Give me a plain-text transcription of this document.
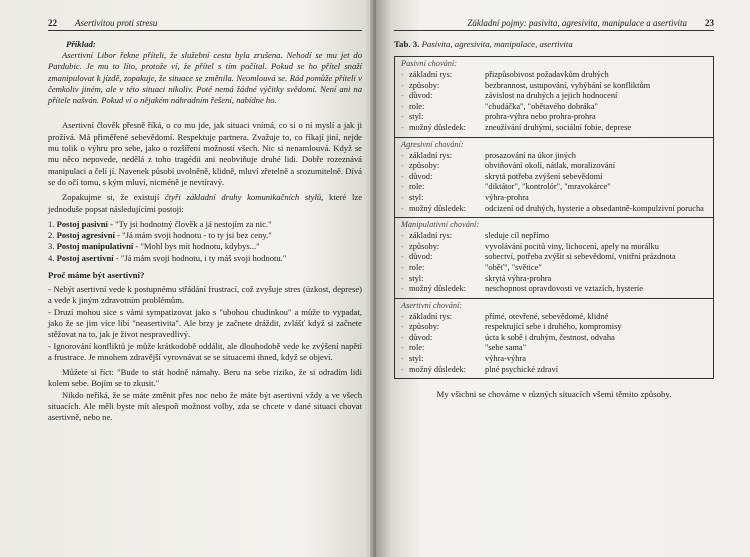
22 Asertivitou proti stresu
Příklad:

Asertivní Libor řekne příteli, že služební cesta byla zrušena. Nehodí se mu jet do Pardubic. Je mu to líto, protože ví, že přítel s tím počítal. Pokud se ho přítel snaží zmanipulovat k jízdě, zopakuje, že situace se změnila. Neomlouvá se. Rád pomůže příteli v čemkoliv jiném, ale v této situaci nikoliv. Poté nemá žádné výčitky svědomí. Není ani na přítele našván. Pokud ví o nějakém náhradním řešení, nabídne ho.

Asertivní člověk přesně říká, o co mu jde, jak situaci vnímá, co si o ní myslí a jak ji prožívá. Má přiměřené sebevědomí. Respektuje partnera. Zvažuje to, co říkají jiní, nejde mu tolik o výhru pro sebe, jako o rozšíření možností všech. Nic si nenamlouvá. Když se mu něco nepovede, nedělá z toho tragédii ani neobviňuje druhé lidi. Dobře rozeznává manipulaci a čelí jí. Navenek působí uvolněně, klidně, mluví zřetelně a srozumitelně. Dívá se do očí tomu, s kým mluví, nicméně je nevtíravý.

Zopakujme si, že existují čtyři základní druhy komunikačních stylů, které lze jednoduše popsat následujícími postoji:

1. Postoj pasivní - "Ty jsi hodnotný člověk a já nestojím za nic."
2. Postoj agresivní - "Já mám svoji hodnotu - to ty jsi bez ceny."
3. Postoj manipulativní - "Mohl bys mít hodnotu, kdybys..."
4. Postoj asertivní - "Já mám svoji hodnotu, i ty máš svoji hodnotu."
Proč máme být asertivní?

- Nebýt asertivní vede k postupnému střádání frustrací, což zvyšuje stres (úzkost, deprese) a vede k jiným zdravotním problémům.

- Druzí mohou sice s vámi sympatizovat jako s "ubohou chudinkou" a může to vypadat, jako že se jim více líbí "neasertivita". Ale brzy je začnete dráždit, zvlášť když si začnete stěžovat na to, jak je život nespravedlivý.

- Ignorování konfliktů je může krátkodobě oddálit, ale dlouhodobě vede ke zvýšení napětí a frustrace. Je mnohem zdravější vyrovnávat se se situacemi ihned, když se objeví.

Můžete si říct: "Bude to stát hodně námahy. Beru na sebe riziko, že si odradím lidi kolem sebe. Bojím se to zkusit."

Nikdo neříká, že se máte změnit přes noc nebo že máte být asertivní vždy a ve všech situacích. Ale měli byste mít alespoň možnost volby, zda se chcete v dané situaci chovat asertivně, nebo ne.

Základní pojmy: pasivita, agresivita, manipulace a asertivita 23
Tab. 3. Pasivita, agresivita, manipulace, asertivita
Pasivní chování:
- základní rys:	přizpůsobivost požadavkům druhých
- způsoby:	bezbrannost, ustupování, vyhýbání se konfliktům
- důvod:	závislost na druhých a jejich hodnocení
- role:	"chudáčka", "obětavého dobráka"
- styl:	prohra-výhra nebo prohra-prohra
- možný důsledek:	zneužívání druhými, sociální fobie, deprese
Agresivní chování:
- základní rys:	prosazování na úkor jiných
- způsoby:	obviňování okolí, nátlak, moralizování
- důvod:	skrytá potřeba zvýšení sebevědomí
- role:	"diktátor", "kontrolór", "mravokárce"
- styl:	výhra-prohra
- možný důsledek:	odcizení od druhých, hysterie a obsedantně-kompulzivní porucha
Manipulativní chování:
- základní rys:	sleduje cíl nepřímo
- způsoby:	vyvolávání pocitů viny, lichocení, apely na morálku
- důvod:	sobectví, potřeba zvýšit si sebevědomí, vnitřní prázdnota
- role:	"oběť", "světice"
- styl:	skrytá výhra-prohra
- možný důsledek:	neschopnost opravdovosti ve vztazích, hysterie
Asertivní chování:
- základní rys:	přímé, otevřené, sebevědomé, klidné
- způsoby:	respektující sebe i druhého, kompromisy
- důvod:	úcta k sobě i druhým, čestnost, odvaha
- role:	"sebe sama"
- styl:	výhra-výhra
- možný důsledek:	plné psychické zdraví
My všichni se chováme v různých situacích všemi těmito způsoby.
